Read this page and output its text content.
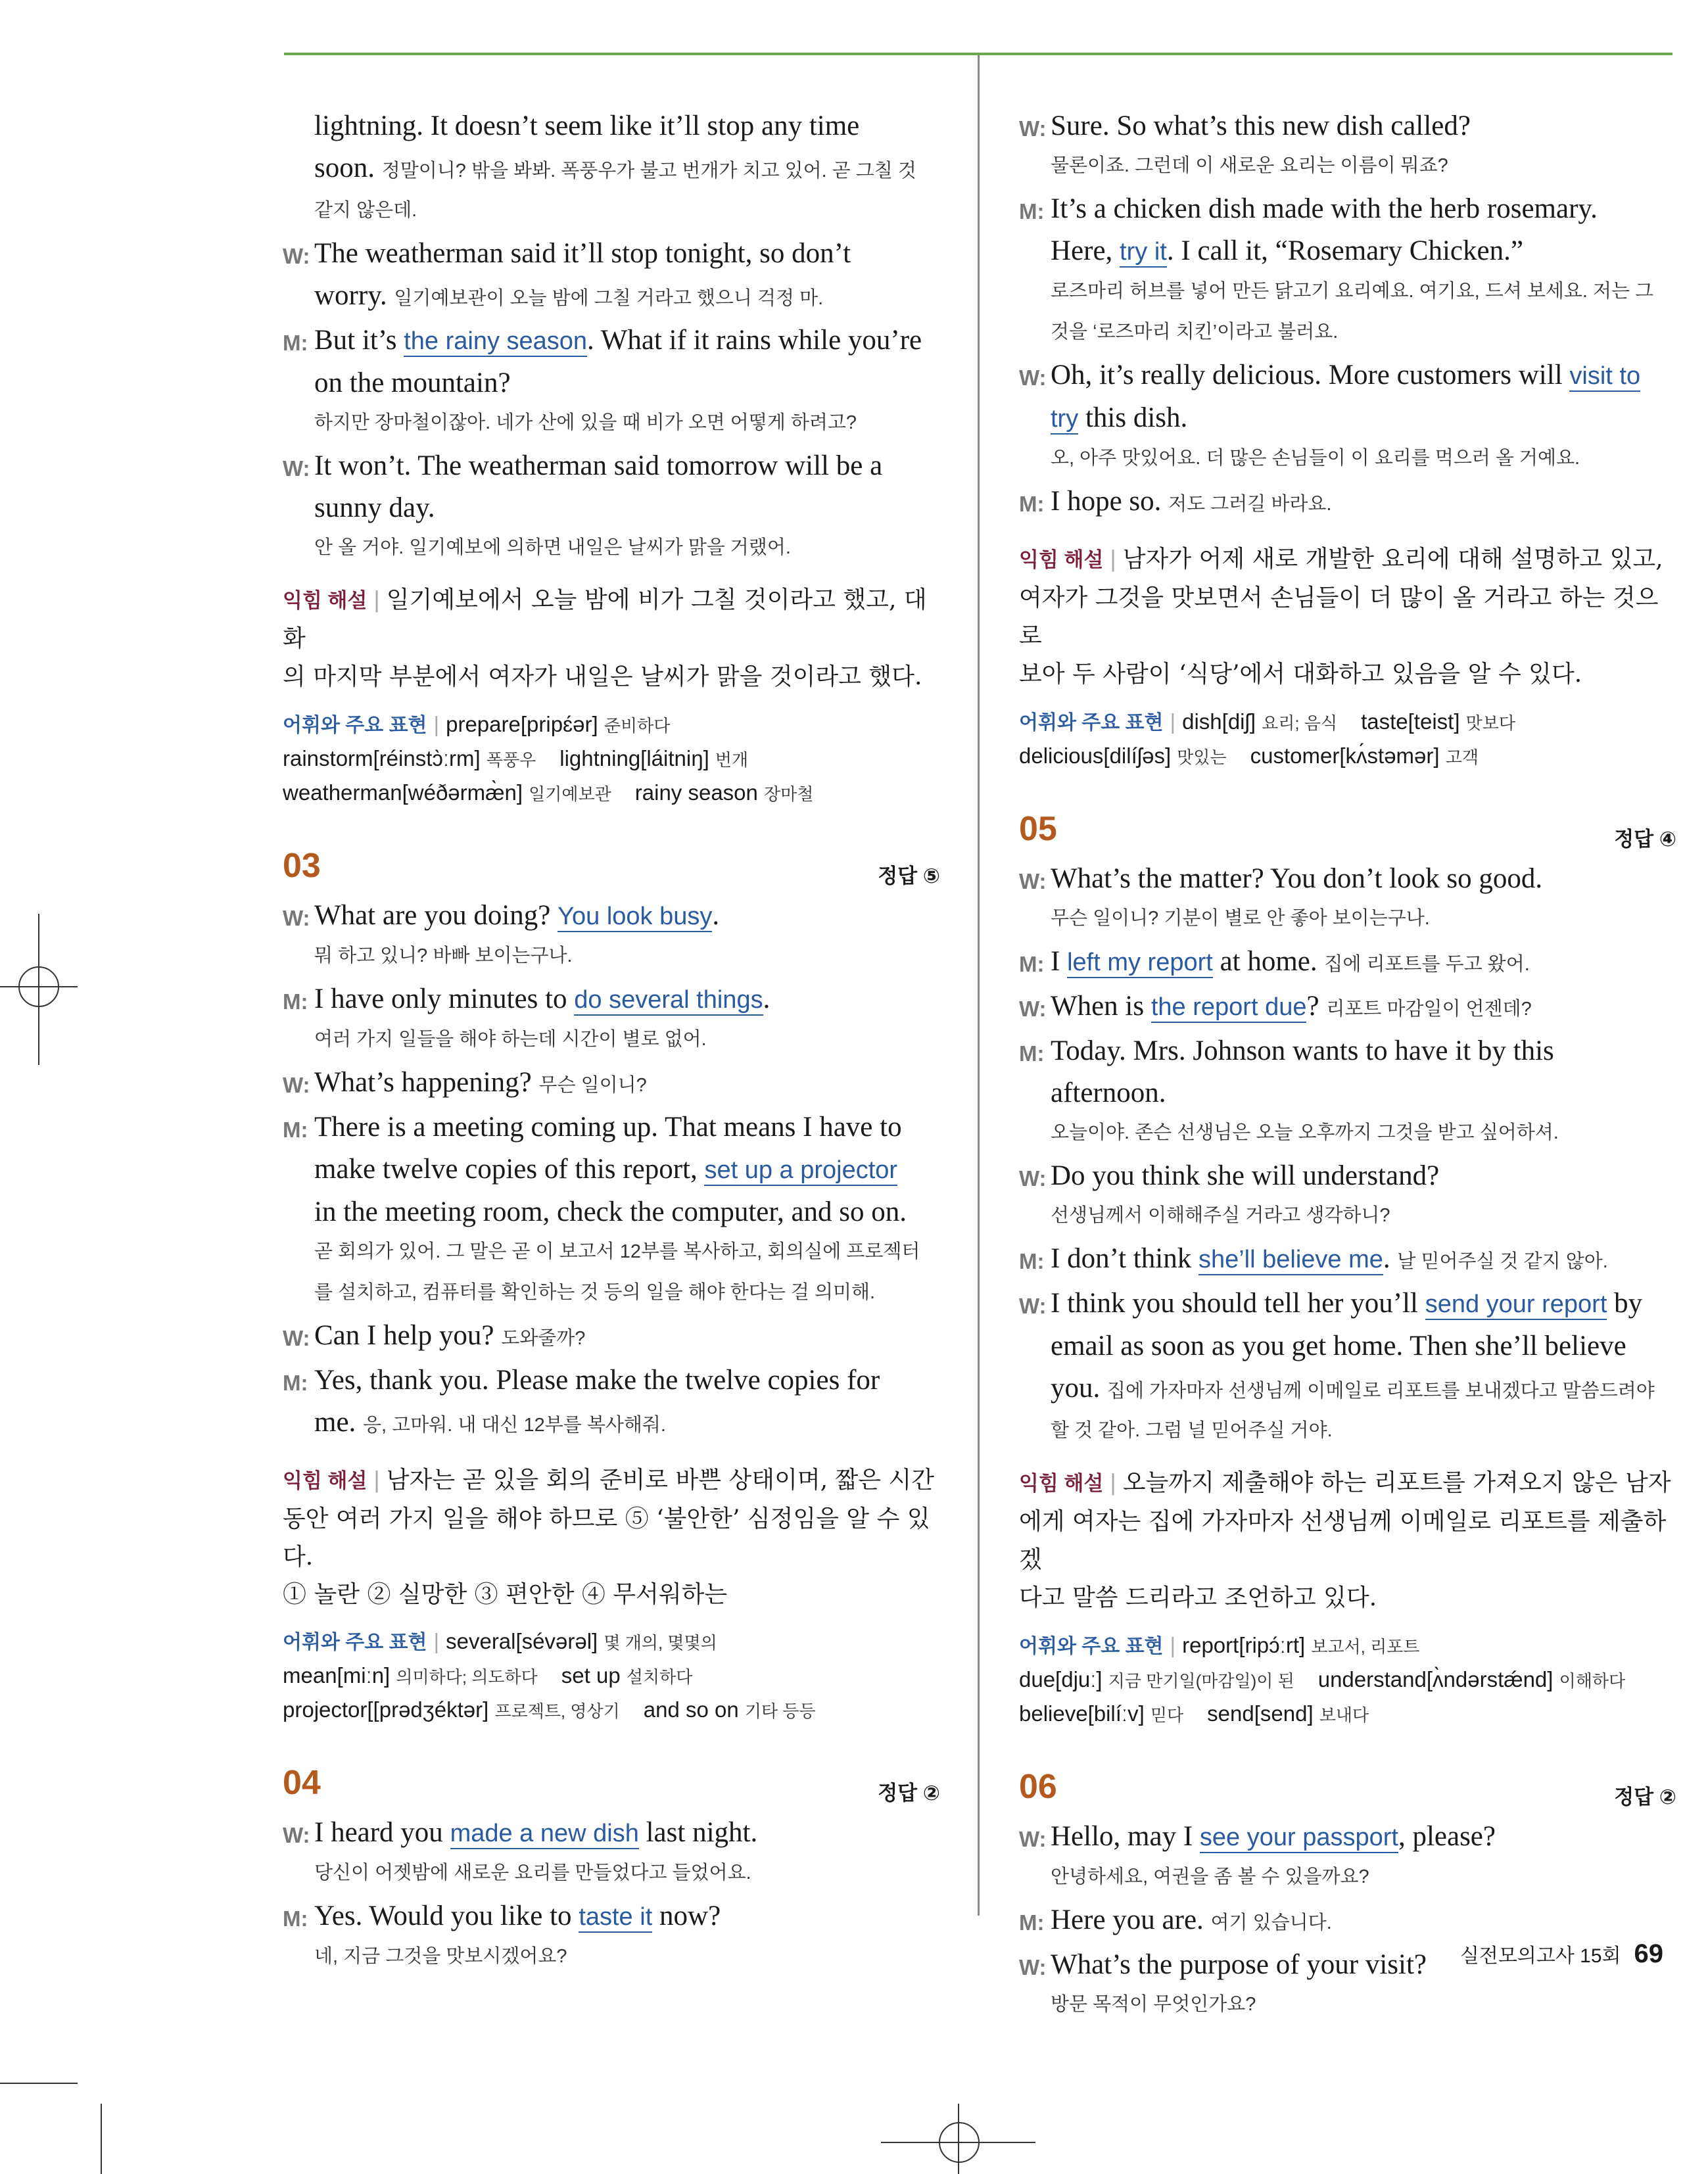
lightning. It doesn’t seem like it’ll stop any time
soon. 정말이니? 밖을 봐봐. 폭풍우가 불고 번개가 치고 있어. 곧 그칠 것
같지 않은데.
W: The weatherman said it’ll stop tonight, so don’t
worry. 일기예보관이 오늘 밤에 그칠 거라고 했으니 걱정 마.
M: But it’s the rainy season. What if it rains while you’re
on the mountain?
하지만 장마철이잖아. 네가 산에 있을 때 비가 오면 어떻게 하려고?
W: It won’t. The weatherman said tomorrow will be a
sunny day.
안 올 거야. 일기예보에 의하면 내일은 날씨가 맑을 거랬어.
익힘 해설 | 일기예보에서 오늘 밤에 비가 그칠 것이라고 했고, 대화
의 마지막 부분에서 여자가 내일은 날씨가 맑을 것이라고 했다.
어휘와 주요 표현 | prepare[pripɛ́ər] 준비하다
rainstorm[réinstɔ̀ːrm] 폭풍우 lightning[láitniŋ] 번개
weatherman[wéðərmæ̀n] 일기예보관 rainy season 장마철
03	정답 ⑤
W: What are you doing? You look busy.
뭐 하고 있니? 바빠 보이는구나.
M: I have only minutes to do several things.
여러 가지 일들을 해야 하는데 시간이 별로 없어.
W: What’s happening? 무슨 일이니?
M: There is a meeting coming up. That means I have to
make twelve copies of this report, set up a projector
in the meeting room, check the computer, and so on.
곧 회의가 있어. 그 말은 곧 이 보고서 12부를 복사하고, 회의실에 프로젝터
를 설치하고, 컴퓨터를 확인하는 것 등의 일을 해야 한다는 걸 의미해.
W: Can I help you? 도와줄까?
M: Yes, thank you. Please make the twelve copies for
me. 응, 고마워. 내 대신 12부를 복사해줘.
익힘 해설 | 남자는 곧 있을 회의 준비로 바쁜 상태이며, 짧은 시간
동안 여러 가지 일을 해야 하므로 ⑤ ‘불안한’ 심정임을 알 수 있다.
① 놀란 ② 실망한 ③ 편안한 ④ 무서워하는
어휘와 주요 표현 | several[sévərəl] 몇 개의, 몇몇의
mean[miːn] 의미하다; 의도하다 set up 설치하다
projector[[prədʒéktər] 프로젝트, 영상기 and so on 기타 등등
04	정답 ②
W: I heard you made a new dish last night.
당신이 어젯밤에 새로운 요리를 만들었다고 들었어요.
M: Yes. Would you like to taste it now?
네, 지금 그것을 맛보시겠어요?
W: Sure. So what’s this new dish called?
물론이죠. 그런데 이 새로운 요리는 이름이 뭐죠?
M: It’s a chicken dish made with the herb rosemary.
Here, try it. I call it, “Rosemary Chicken.”
로즈마리 허브를 넣어 만든 닭고기 요리예요. 여기요, 드셔 보세요. 저는 그
것을 ‘로즈마리 치킨’이라고 불러요.
W: Oh, it’s really delicious. More customers will visit to
try this dish.
오, 아주 맛있어요. 더 많은 손님들이 이 요리를 먹으러 올 거예요.
M: I hope so. 저도 그러길 바라요.
익힘 해설 | 남자가 어제 새로 개발한 요리에 대해 설명하고 있고,
여자가 그것을 맛보면서 손님들이 더 많이 올 거라고 하는 것으로
보아 두 사람이 ‘식당’에서 대화하고 있음을 알 수 있다.
어휘와 주요 표현 | dish[diʃ] 요리; 음식 taste[teist] 맛보다
delicious[dilíʃəs] 맛있는 customer[kʌ́stəmər] 고객
05	정답 ④
W: What’s the matter? You don’t look so good.
무슨 일이니? 기분이 별로 안 좋아 보이는구나.
M: I left my report at home. 집에 리포트를 두고 왔어.
W: When is the report due? 리포트 마감일이 언젠데?
M: Today. Mrs. Johnson wants to have it by this afternoon.
오늘이야. 존슨 선생님은 오늘 오후까지 그것을 받고 싶어하셔.
W: Do you think she will understand?
선생님께서 이해해주실 거라고 생각하니?
M: I don’t think she’ll believe me. 날 믿어주실 것 같지 않아.
W: I think you should tell her you’ll send your report by
email as soon as you get home. Then she’ll believe
you. 집에 가자마자 선생님께 이메일로 리포트를 보내겠다고 말씀드려야
할 것 같아. 그럼 널 믿어주실 거야.
익힘 해설 | 오늘까지 제출해야 하는 리포트를 가져오지 않은 남자
에게 여자는 집에 가자마자 선생님께 이메일로 리포트를 제출하겠
다고 말씀 드리라고 조언하고 있다.
어휘와 주요 표현 | report[ripɔ́ːrt] 보고서, 리포트
due[djuː] 지금 만기일(마감일)이 된 understand[ʌ̀ndərstǽnd] 이해하다
believe[bilíːv] 믿다 send[send] 보내다
06	정답 ②
W: Hello, may I see your passport, please?
안녕하세요, 여권을 좀 볼 수 있을까요?
M: Here you are. 여기 있습니다.
W: What’s the purpose of your visit?
방문 목적이 무엇인가요?
실전모의고사 15회 69
